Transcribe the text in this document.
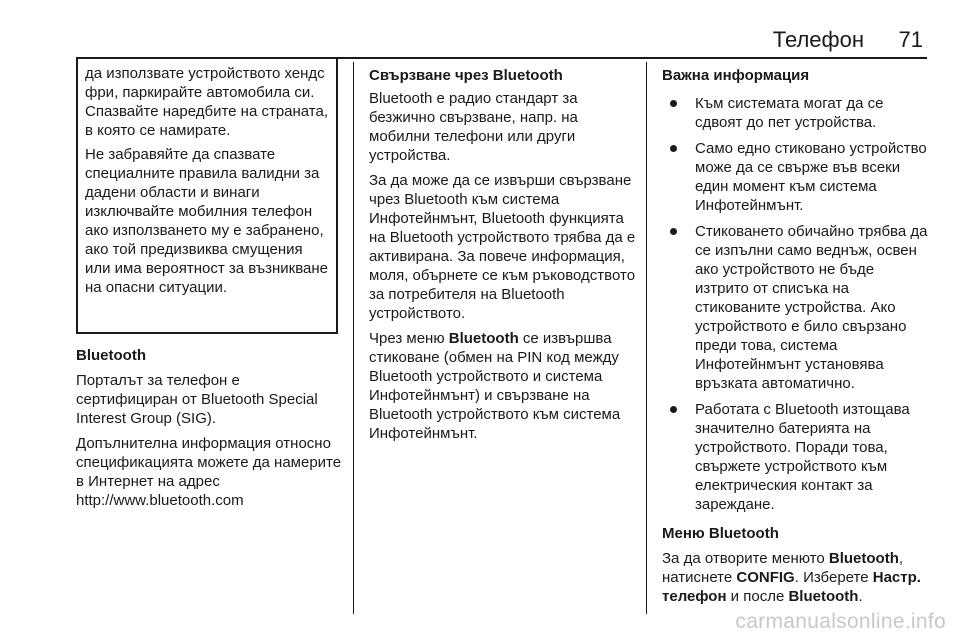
Телефон 71

да използвате устройството хендс фри, паркирайте автомобила си. Спазвайте наредбите на страната, в която се намирате.

Не забравяйте да спазвате специалните правила валидни за дадени области и винаги изключвайте мобилния телефон ако използването му е забранено, ако той предизвиква смущения или има вероятност за възникване на опасни ситуации.

Bluetooth

Порталът за телефон е сертифициран от Bluetooth Special Interest Group (SIG).

Допълнителна информация относно спецификацията можете да намерите в Интернет на адрес http://www.bluetooth.com

Свързване чрез Bluetooth

Bluetooth е радио стандарт за безжично свързване, напр. на мобилни телефони или други устройства.

За да може да се извърши свързване чрез Bluetooth към система Инфотейнмънт, Bluetooth функцията на Bluetooth устройството трябва да е активирана. За повече информация, моля, обърнете се към ръководството за потребителя на Bluetooth устройството.

Чрез меню Bluetooth се извършва стиковане (обмен на PIN код между Bluetooth устройството и система Инфотейнмънт) и свързване на Bluetooth устройството към система Инфотейнмънт.

Важна информация

Към системата могат да се сдвоят до пет устройства.
Само едно стиковано устройство може да се свърже във всеки един момент към система Инфотейнмънт.
Стиковането обичайно трябва да се изпълни само веднъж, освен ако устройството не бъде изтрито от списъка на стикованите устройства. Ако устройството е било свързано преди това, система Инфотейнмънт установява връзката автоматично.
Работата с Bluetooth изтощава значително батерията на устройството. Поради това, свържете устройството към електрическия контакт за зареждане.

Меню Bluetooth

За да отворите менюто Bluetooth, натиснете CONFIG. Изберете Настр. телефон и после Bluetooth.

carmanualsonline.info
